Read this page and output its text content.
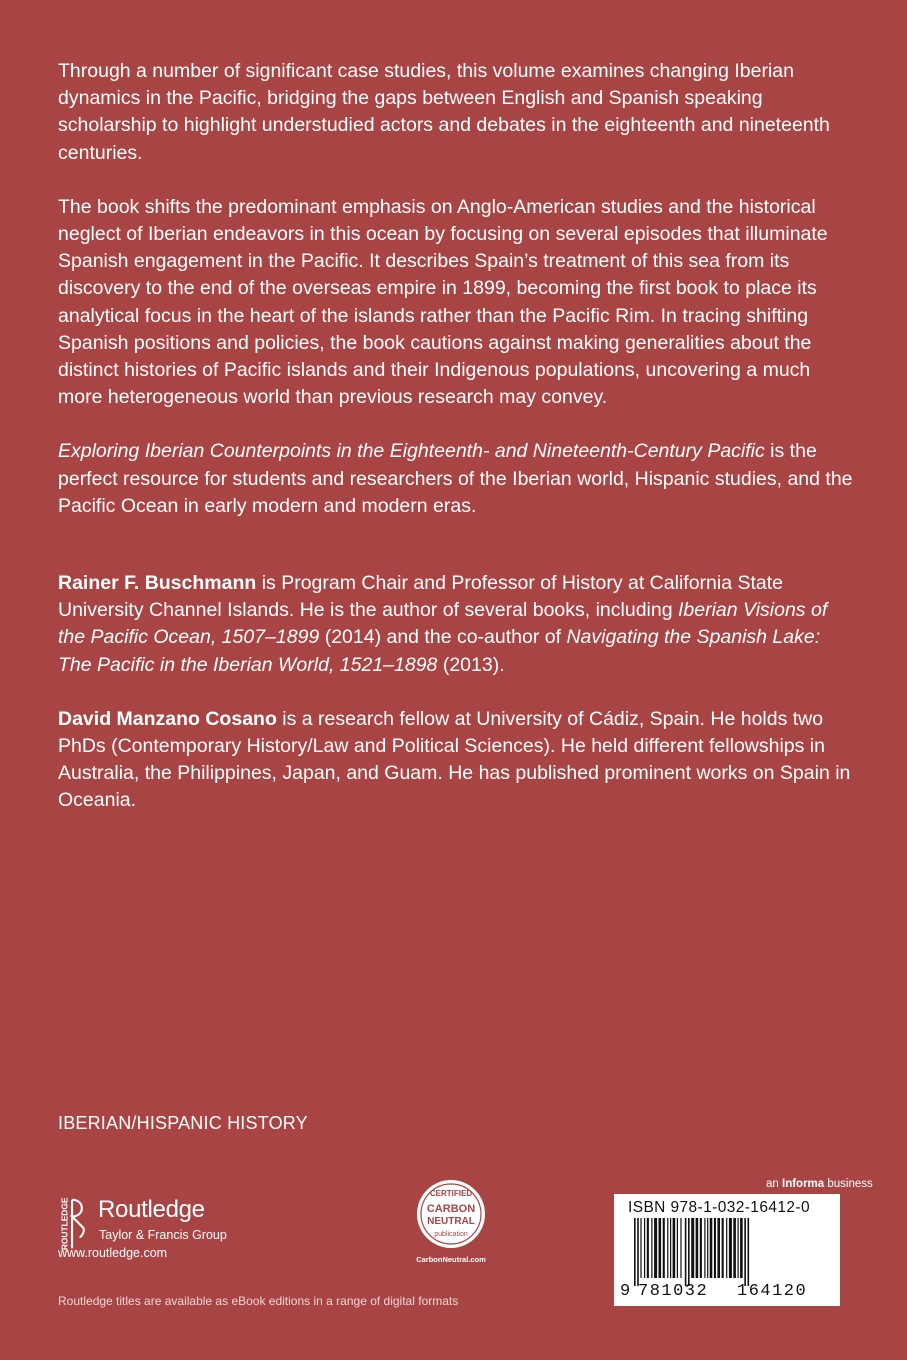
Through a number of significant case studies, this volume examines changing Iberian dynamics in the Pacific, bridging the gaps between English and Spanish speaking scholarship to highlight understudied actors and debates in the eighteenth and nineteenth centuries.

The book shifts the predominant emphasis on Anglo-American studies and the historical neglect of Iberian endeavors in this ocean by focusing on several episodes that illuminate Spanish engagement in the Pacific. It describes Spain’s treatment of this sea from its discovery to the end of the overseas empire in 1899, becoming the first book to place its analytical focus in the heart of the islands rather than the Pacific Rim. In tracing shifting Spanish positions and policies, the book cautions against making generalities about the distinct histories of Pacific islands and their Indigenous populations, uncovering a much more heterogeneous world than previous research may convey.

Exploring Iberian Counterpoints in the Eighteenth- and Nineteenth-Century Pacific is the perfect resource for students and researchers of the Iberian world, Hispanic studies, and the Pacific Ocean in early modern and modern eras.

Rainer F. Buschmann is Program Chair and Professor of History at California State University Channel Islands. He is the author of several books, including Iberian Visions of the Pacific Ocean, 1507–1899 (2014) and the co-author of Navigating the Spanish Lake: The Pacific in the Iberian World, 1521–1898 (2013).

David Manzano Cosano is a research fellow at University of Cádiz, Spain. He holds two PhDs (Contemporary History/Law and Political Sciences). He held different fellowships in Australia, the Philippines, Japan, and Guam. He has published prominent works on Spain in Oceania.

IBERIAN/HISPANIC HISTORY
ROUTLEDGE Routledge
Taylor & Francis Group
www.routledge.com
Routledge titles are available as eBook editions in a range of digital formats
CERTIFIED
CARBON
NEUTRAL
publication
CarbonNeutral.com
an Informa business
ISBN 978-1-032-16412-0
9 781032 164120
